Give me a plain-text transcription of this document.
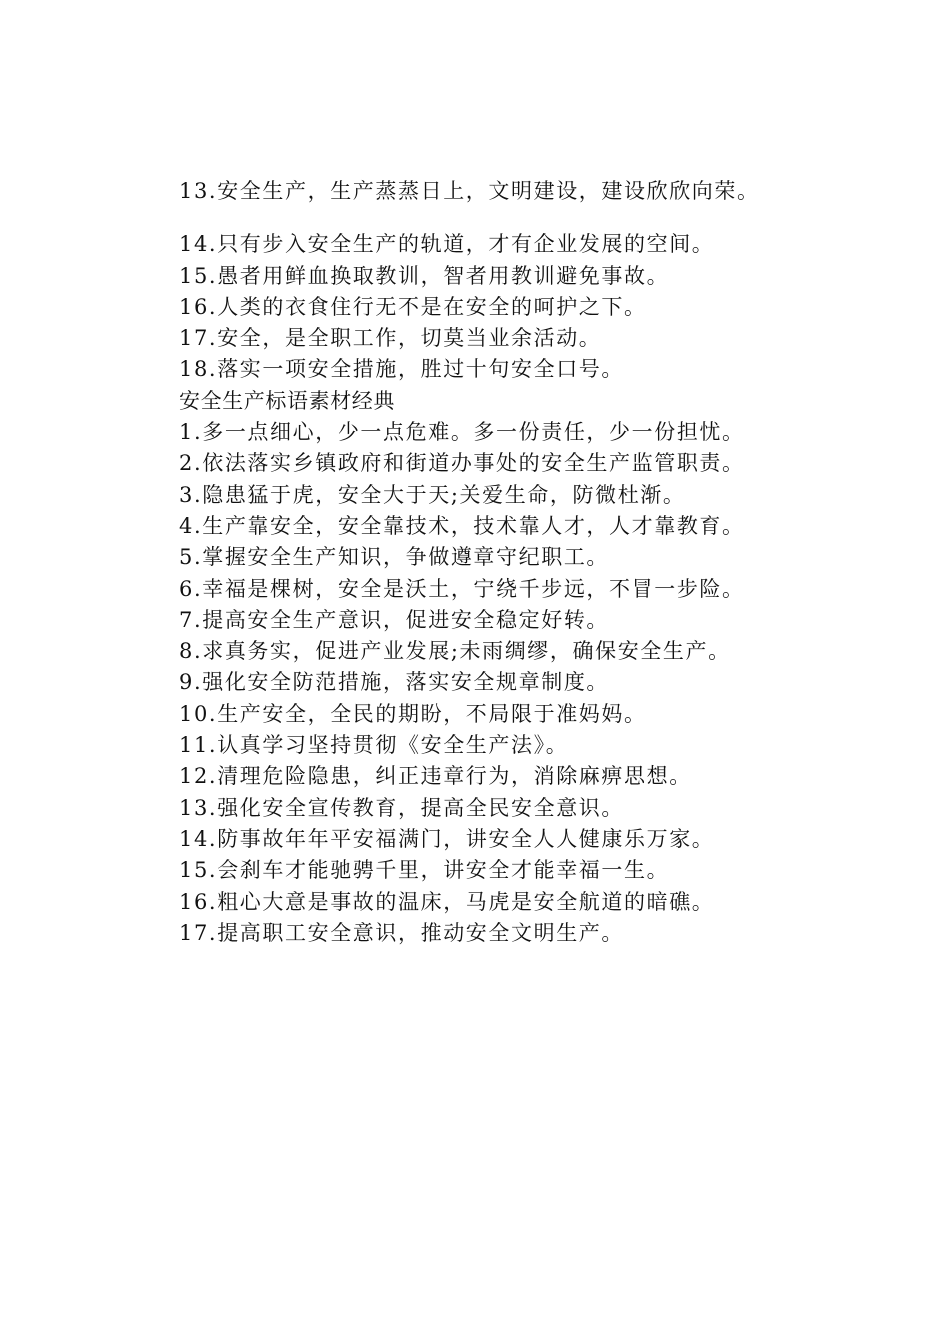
13.安全生产，生产蒸蒸日上，文明建设，建设欣欣向荣。
14.只有步入安全生产的轨道，才有企业发展的空间。
15.愚者用鲜血换取教训，智者用教训避免事故。
16.人类的衣食住行无不是在安全的呵护之下。
17.安全，是全职工作，切莫当业余活动。
18.落实一项安全措施，胜过十句安全口号。
安全生产标语素材经典
1.多一点细心，少一点危难。多一份责任，少一份担忧。
2.依法落实乡镇政府和街道办事处的安全生产监管职责。
3.隐患猛于虎，安全大于天;关爱生命，防微杜渐。
4.生产靠安全，安全靠技术，技术靠人才，人才靠教育。
5.掌握安全生产知识，争做遵章守纪职工。
6.幸福是棵树，安全是沃土，宁绕千步远，不冒一步险。
7.提高安全生产意识，促进安全稳定好转。
8.求真务实，促进产业发展;未雨绸缪，确保安全生产。
9.强化安全防范措施，落实安全规章制度。
10.生产安全，全民的期盼，不局限于准妈妈。
11.认真学习坚持贯彻《安全生产法》。
12.清理危险隐患，纠正违章行为，消除麻痹思想。
13.强化安全宣传教育，提高全民安全意识。
14.防事故年年平安福满门，讲安全人人健康乐万家。
15.会刹车才能驰骋千里，讲安全才能幸福一生。
16.粗心大意是事故的温床，马虎是安全航道的暗礁。
17.提高职工安全意识，推动安全文明生产。
